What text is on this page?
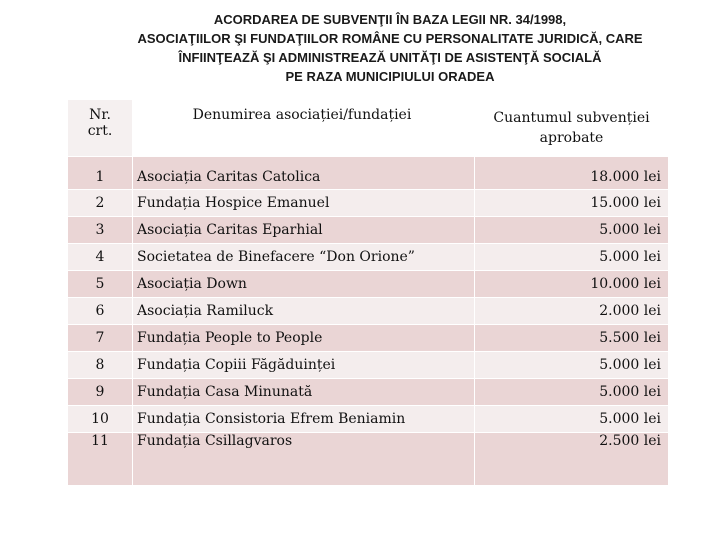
ACORDAREA DE SUBVENŢII ÎN BAZA LEGII NR. 34/1998,
ASOCIAŢIILOR ŞI FUNDAŢIILOR ROMÂNE CU PERSONALITATE JURIDICĂ, CARE
ÎNFIINŢEAZĂ ŞI ADMINISTREAZĂ UNITĂŢI DE ASISTENŢĂ SOCIALĂ
PE RAZA MUNICIPIULUI ORADEA
Nr. crt.	Denumirea asociației/fundației	Cuantumul subvenției aprobate
1	Asociația Caritas Catolica	18.000 lei
2	Fundația Hospice Emanuel	15.000 lei
3	Asociația Caritas Eparhial	5.000 lei
4	Societatea de Binefacere “Don Orione”	5.000 lei
5	Asociația Down	10.000 lei
6	Asociația Ramiluck	2.000 lei
7	Fundația People to People	5.500 lei
8	Fundația Copiii Făgăduinței	5.000 lei
9	Fundația Casa Minunată	5.000 lei
10	Fundația Consistoria Efrem Beniamin	5.000 lei
11	Fundația Csillagvaros	2.500 lei
